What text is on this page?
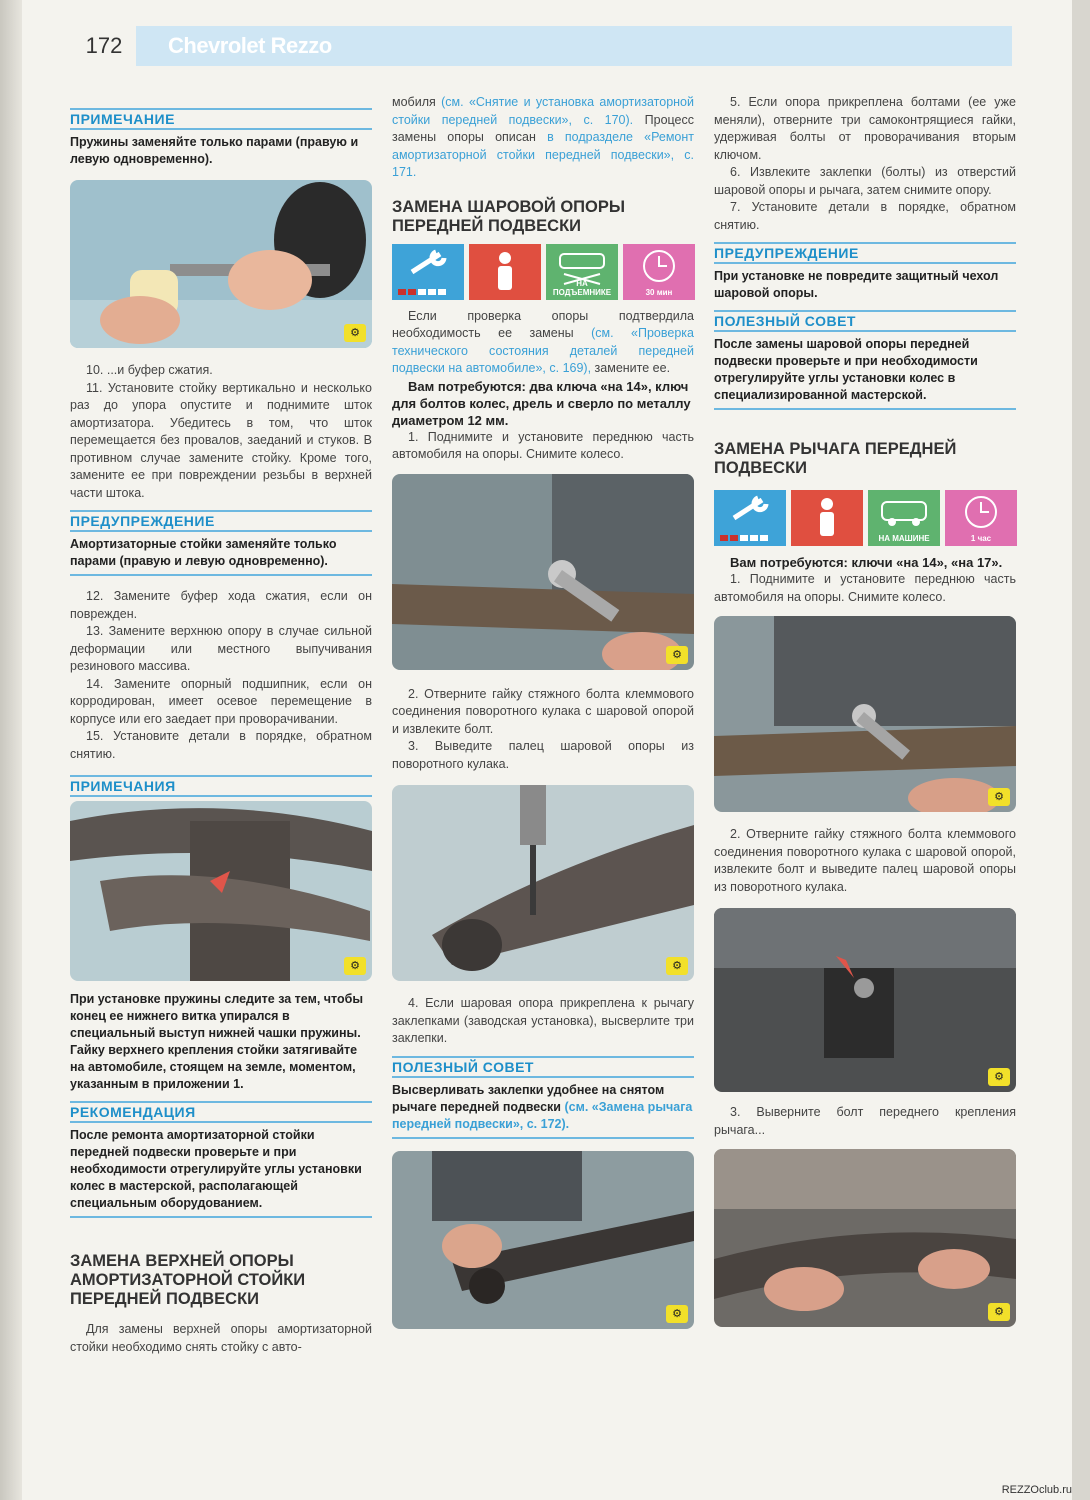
172	Chevrolet Rezzo
ПРИМЕЧАНИЕ
Пружины заменяйте только парами (правую и левую одновременно).
⚙
10. ...и буфер сжатия.
11. Установите стойку вертикально и несколько раз до упора опустите и поднимите шток амортизатора. Убедитесь в том, что шток перемещается без провалов, заеданий и стуков. В противном случае замените стойку. Кроме того, замените ее при повреждении резьбы в верхней части штока.
ПРЕДУПРЕЖДЕНИЕ
Амортизаторные стойки заменяйте только парами (правую и левую одновременно).
12. Замените буфер хода сжатия, если он поврежден.
13. Замените верхнюю опору в случае сильной деформации или местного выпучивания резинового массива.
14. Замените опорный подшипник, если он корродирован, имеет осевое перемещение в корпусе или его заедает при проворачивании.
15. Установите детали в порядке, обратном снятию.
ПРИМЕЧАНИЯ
⚙
При установке пружины следите за тем, чтобы конец ее нижнего витка упирался в специальный выступ нижней чашки пружины.
Гайку верхнего крепления стойки затягивайте на автомобиле, стоящем на земле, моментом, указанным в приложении 1.
РЕКОМЕНДАЦИЯ
После ремонта амортизаторной стойки передней подвески проверьте и при необходимости отрегулируйте углы установки колес в мастерской, располагающей специальным оборудованием.
ЗАМЕНА ВЕРХНЕЙ ОПОРЫ АМОРТИЗАТОРНОЙ СТОЙКИ ПЕРЕДНЕЙ ПОДВЕСКИ
Для замены верхней опоры амортизаторной стойки необходимо снять стойку с авто-
мобиля (см. «Снятие и установка амортизаторной стойки передней подвески», с. 170). Процесс замены опоры описан в подразделе «Ремонт амортизаторной стойки передней подвески», с. 171.
ЗАМЕНА ШАРОВОЙ ОПОРЫ ПЕРЕДНЕЙ ПОДВЕСКИ
НА ПОДЪЕМНИКЕ	30 мин
Если проверка опоры подтвердила необходимость ее замены (см. «Проверка технического состояния деталей передней подвески на автомобиле», с. 169), замените ее.
Вам потребуются: два ключа «на 14», ключ для болтов колес, дрель и сверло по металлу диаметром 12 мм.
1. Поднимите и установите переднюю часть автомобиля на опоры. Снимите колесо.
⚙
2. Отверните гайку стяжного болта клеммового соединения поворотного кулака с шаровой опорой и извлеките болт.
3. Выведите палец шаровой опоры из поворотного кулака.
⚙
4. Если шаровая опора прикреплена к рычагу заклепками (заводская установка), высверлите три заклепки.
ПОЛЕЗНЫЙ СОВЕТ
Высверливать заклепки удобнее на снятом рычаге передней подвески (см. «Замена рычага передней подвески», с. 172).
⚙
5. Если опора прикреплена болтами (ее уже меняли), отверните три самоконтрящиеся гайки, удерживая болты от проворачивания вторым ключом.
6. Извлеките заклепки (болты) из отверстий шаровой опоры и рычага, затем снимите опору.
7. Установите детали в порядке, обратном снятию.
ПРЕДУПРЕЖДЕНИЕ
При установке не повредите защитный чехол шаровой опоры.
ПОЛЕЗНЫЙ СОВЕТ
После замены шаровой опоры передней подвески проверьте и при необходимости отрегулируйте углы установки колес в специализированной мастерской.
ЗАМЕНА РЫЧАГА ПЕРЕДНЕЙ ПОДВЕСКИ
НА МАШИНЕ	1 час
Вам потребуются: ключи «на 14», «на 17».
1. Поднимите и установите переднюю часть автомобиля на опоры. Снимите колесо.
⚙
2. Отверните гайку стяжного болта клеммового соединения поворотного кулака с шаровой опорой, извлеките болт и выведите палец шаровой опоры из поворотного кулака.
⚙
3. Выверните болт переднего крепления рычага...
⚙
REZZOclub.ru
